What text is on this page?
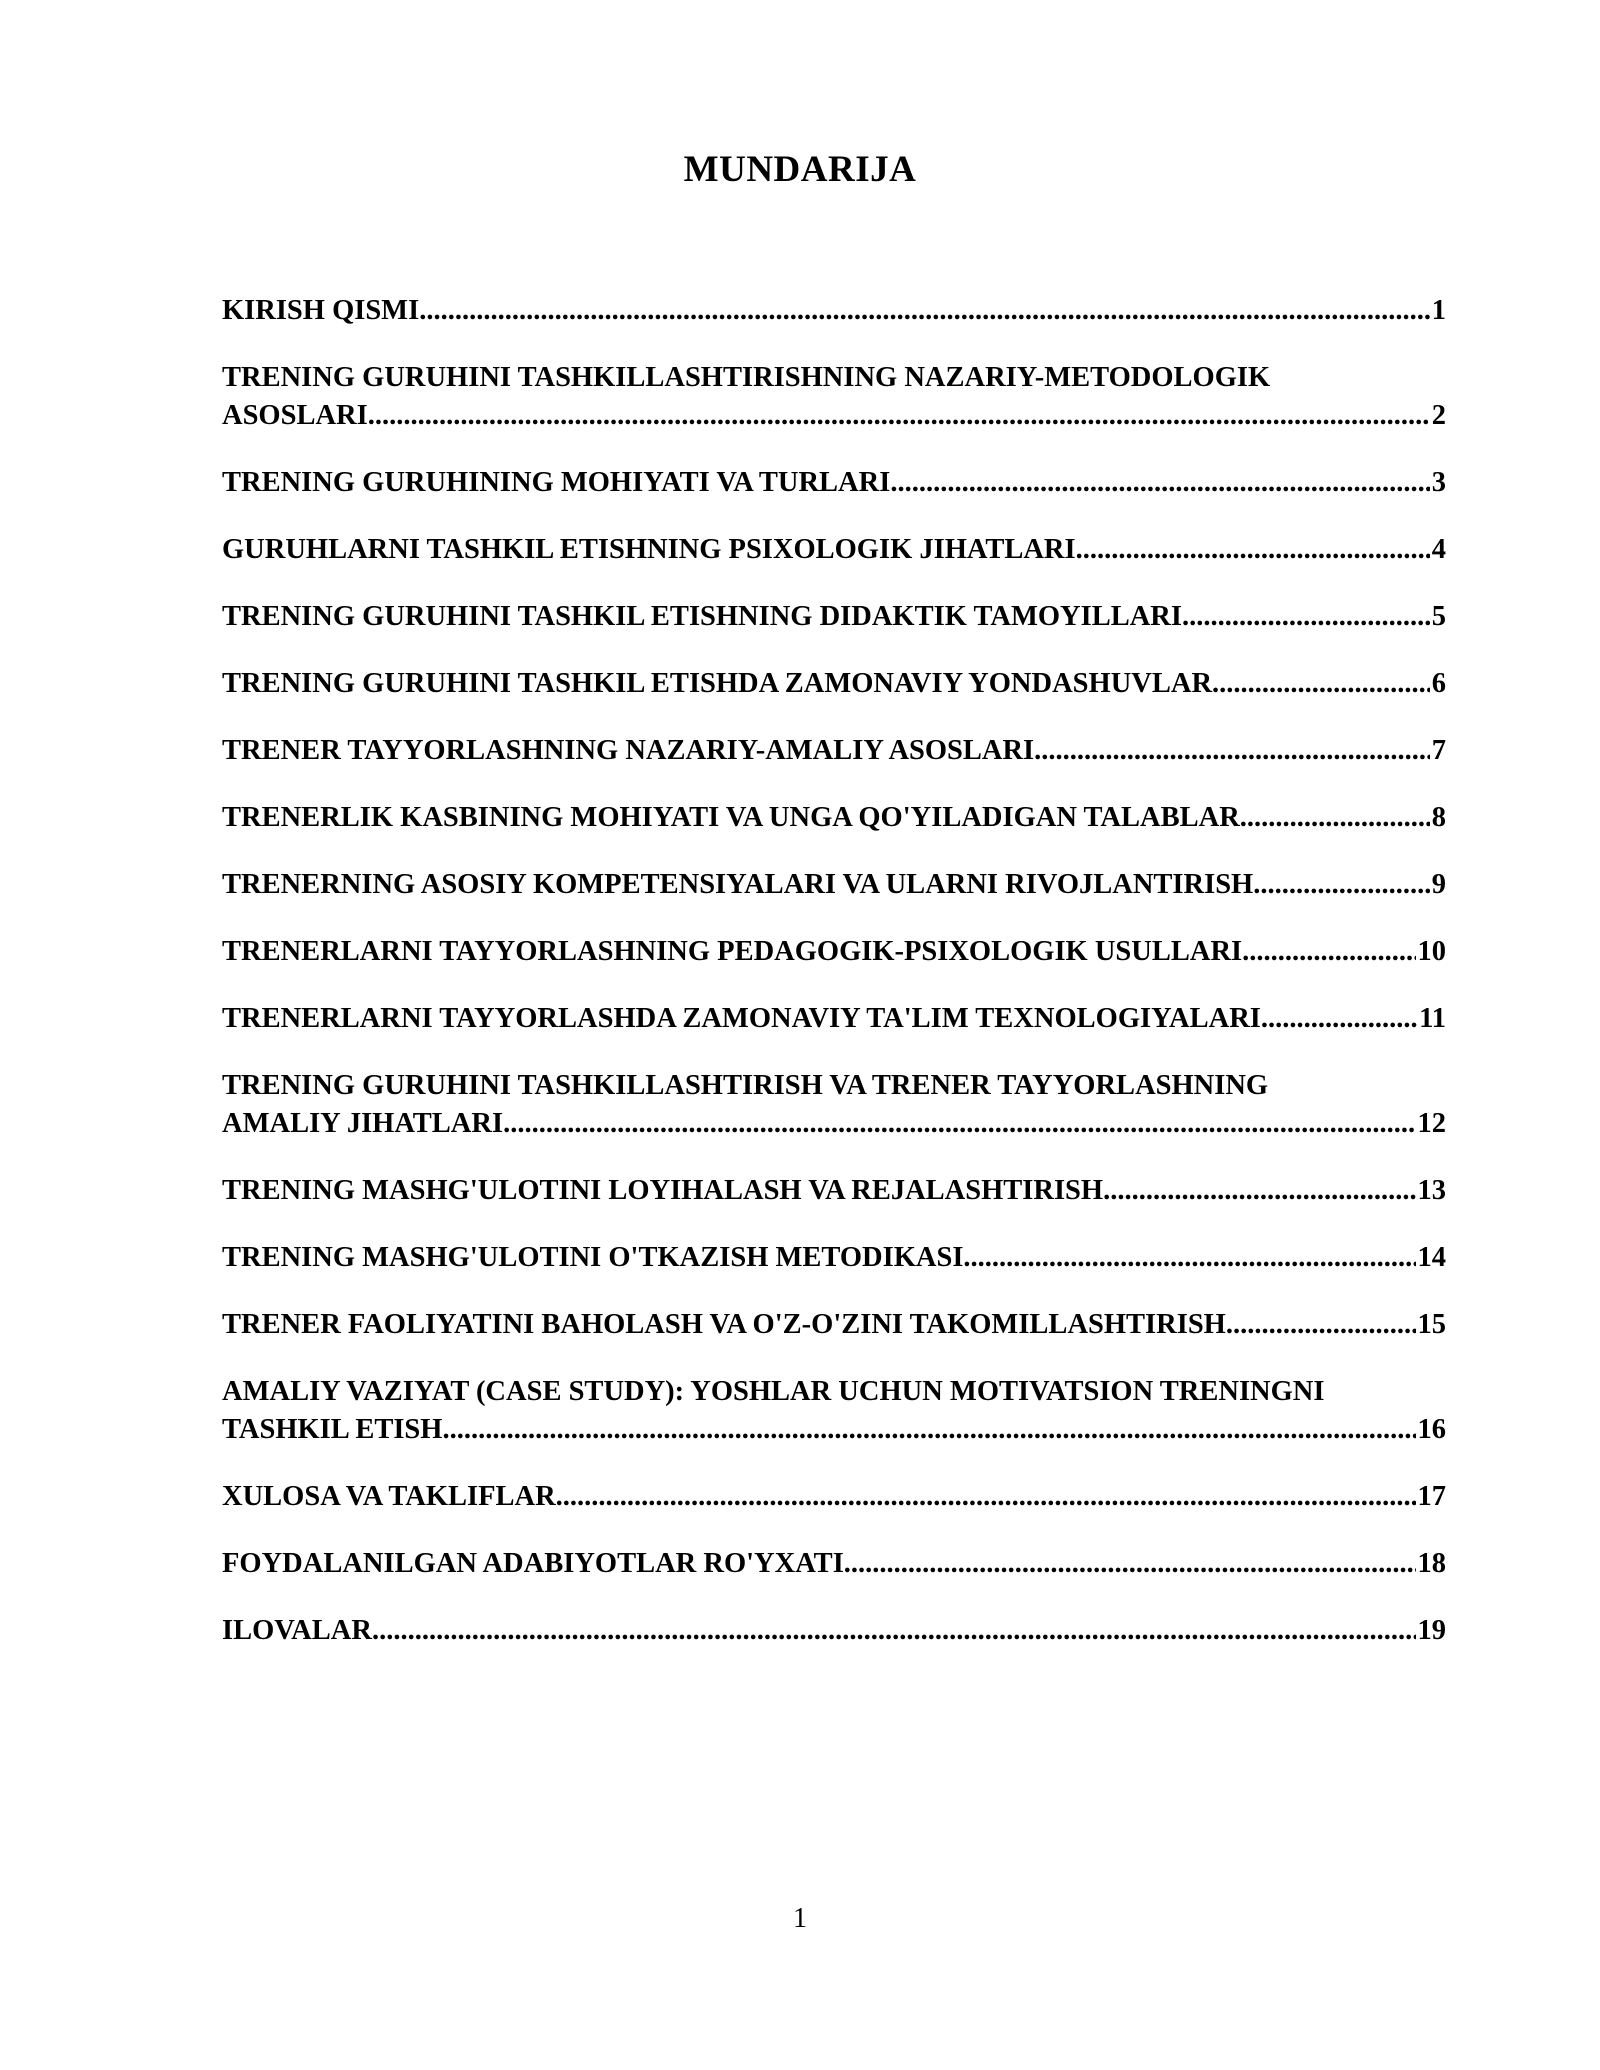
MUNDARIJA
KIRISH QISMI .....	1
TRENING GURUHINI TASHKILLASHTIRISHNING NAZARIY-METODOLOGIK
ASOSLARI .....	2
TRENING GURUHINING MOHIYATI VA TURLARI .....	3
GURUHLARNI TASHKIL ETISHNING PSIXOLOGIK JIHATLARI .....	4
TRENING GURUHINI TASHKIL ETISHNING DIDAKTIK TAMOYILLARI .....	5
TRENING GURUHINI TASHKIL ETISHDA ZAMONAVIY YONDASHUVLAR .....	6
TRENER TAYYORLASHNING NAZARIY-AMALIY ASOSLARI .....	7
TRENERLIK KASBINING MOHIYATI VA UNGA QO'YILADIGAN TALABLAR .....	8
TRENERNING ASOSIY KOMPETENSIYALARI VA ULARNI RIVOJLANTIRISH .....	9
TRENERLARNI TAYYORLASHNING PEDAGOGIK-PSIXOLOGIK USULLARI .....	10
TRENERLARNI TAYYORLASHDA ZAMONAVIY TA'LIM TEXNOLOGIYALARI .....	11
TRENING GURUHINI TASHKILLASHTIRISH VA TRENER TAYYORLASHNING
AMALIY JIHATLARI .....	12
TRENING MASHG'ULOTINI LOYIHALASH VA REJALASHTIRISH .....	13
TRENING MASHG'ULOTINI O'TKAZISH METODIKASI .....	14
TRENER FAOLIYATINI BAHOLASH VA O'Z-O'ZINI TAKOMILLASHTIRISH .....	15
AMALIY VAZIYAT (CASE STUDY): YOSHLAR UCHUN MOTIVATSION TRENINGNI
TASHKIL ETISH .....	16
XULOSA VA TAKLIFLAR .....	17
FOYDALANILGAN ADABIYOTLAR RO'YXATI .....	18
ILOVALAR .....	19
1
